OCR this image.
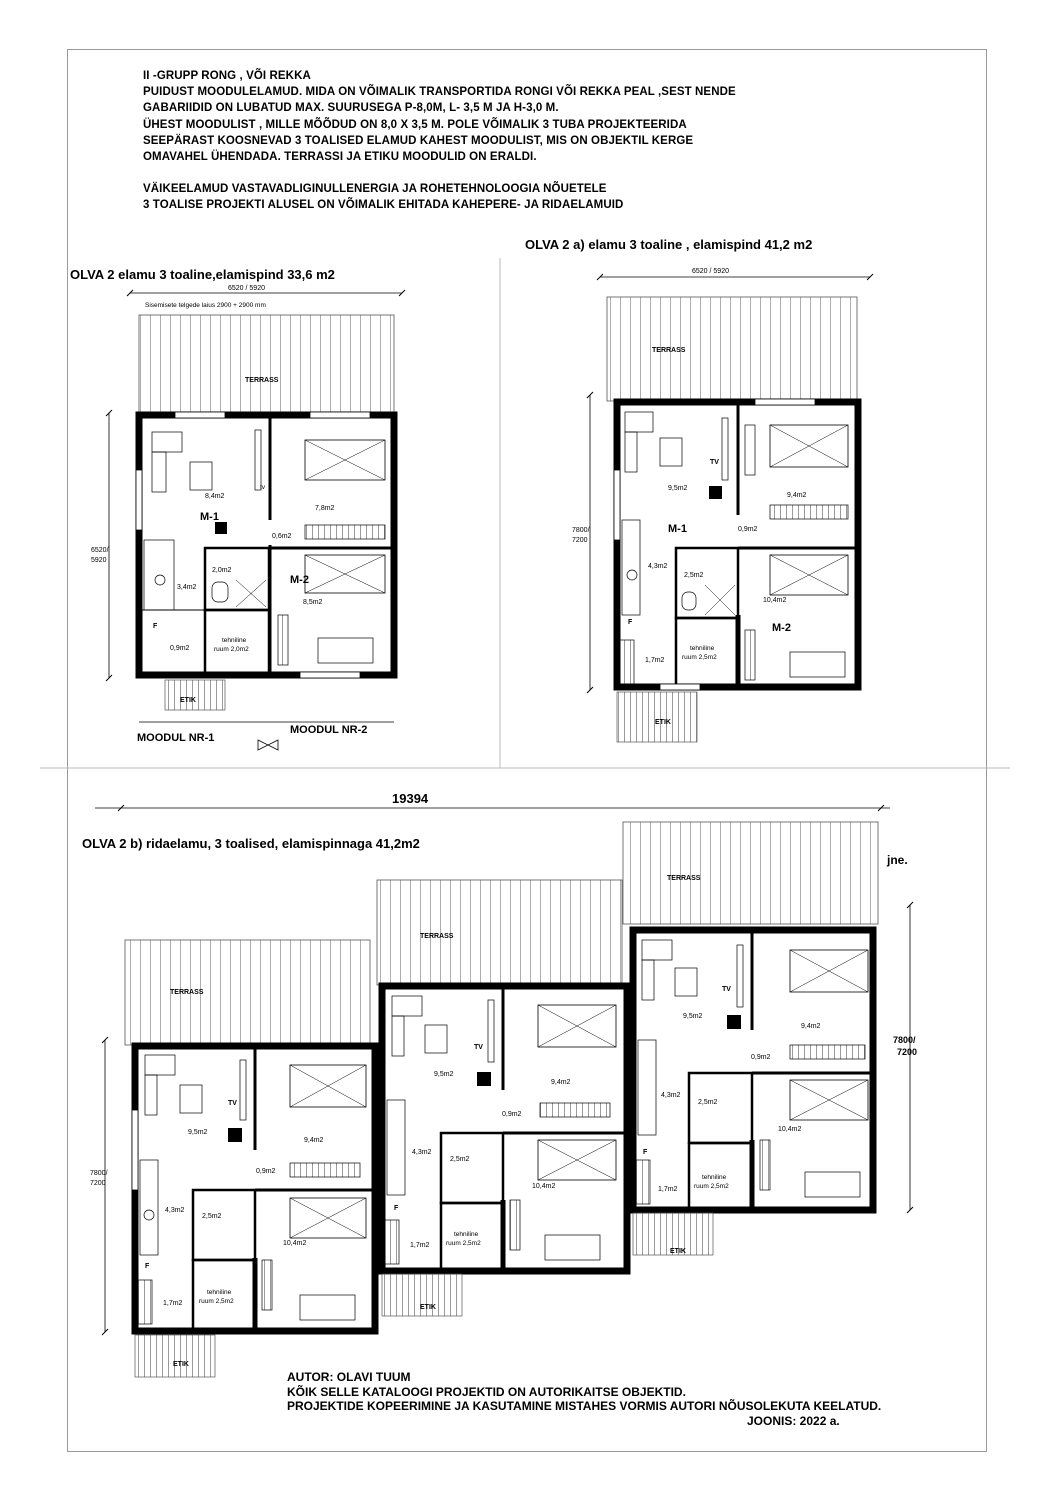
II -GRUPP RONG , VÕI REKKA
PUIDUST MOODULELAMUD. MIDA ON VÕIMALIK TRANSPORTIDA RONGI VÕI REKKA PEAL ,SEST NENDE
GABARIIDID ON LUBATUD MAX. SUURUSEGA P-8,0M, L- 3,5 M JA H-3,0 M.
ÜHEST MOODULIST , MILLE MÕÕDUD ON 8,0 X 3,5 M. POLE VÕIMALIK 3 TUBA PROJEKTEERIDA
SEEPÄRAST KOOSNEVAD 3 TOALISED ELAMUD KAHEST MOODULIST, MIS ON OBJEKTIL KERGE
OMAVAHEL ÜHENDADA. TERRASSI JA ETIKU MOODULID ON ERALDI.
VÄIKEELAMUD VASTAVADLIGINULLENERGIA JA ROHETEHNOLOOGIA NÕUETELE
3 TOALISE PROJEKTI ALUSEL ON VÕIMALIK EHITADA KAHEPERE- JA RIDAELAMUID
OLVA 2 elamu 3 toaline,elamispind 33,6 m2
OLVA 2 a) elamu 3 toaline , elamispind 41,2 m2
OLVA 2 b) ridaelamu, 3 toalised, elamispinnaga 41,2m2
6520 / 5920
Sisemisete telgede laius 2900 + 2900 mm
TERRASS
6520/
5920
tv
8,4m2
7,8m2
M-1
0,6m2
2,0m2
3,4m2
M-2
8,5m2
F
0,9m2
tehniline
ruum 2,0m2
ETIK
MOODUL NR-1
MOODUL NR-2
6520 / 5920
TERRASS
7800/
7200
TV
9,5m2
9,4m2
M-1	0,9m2
4,3m2
2,5m2
10,4m2
M-2
F
1,7m2
tehniline
ruum 2,5m2
ETIK
19394
jne.
TERRASS
7800/
7200
TV
9,5m2
9,4m2
0,9m2
4,3m2
2,5m2
10,4m2
F
1,7m2
tehniline
ruum 2,5m2
ETIK
TERRASS
TV
9,5m2
9,4m2
0,9m2
4,3m2
2,5m2
10,4m2
F
1,7m2
tehniline
ruum 2,5m2
ETIK
TERRASS
7800/
7200
TV
9,5m2
9,4m2
0,9m2
4,3m2
2,5m2
10,4m2
F
1,7m2
tehniline
ruum 2,5m2
ETIK
AUTOR: OLAVI TUUM
KÕIK SELLE KATALOOGI PROJEKTID ON AUTORIKAITSE OBJEKTID.
PROJEKTIDE KOPEERIMINE JA KASUTAMINE MISTAHES VORMIS AUTORI NÕUSOLEKUTA KEELATUD.
JOONIS: 2022 a.
